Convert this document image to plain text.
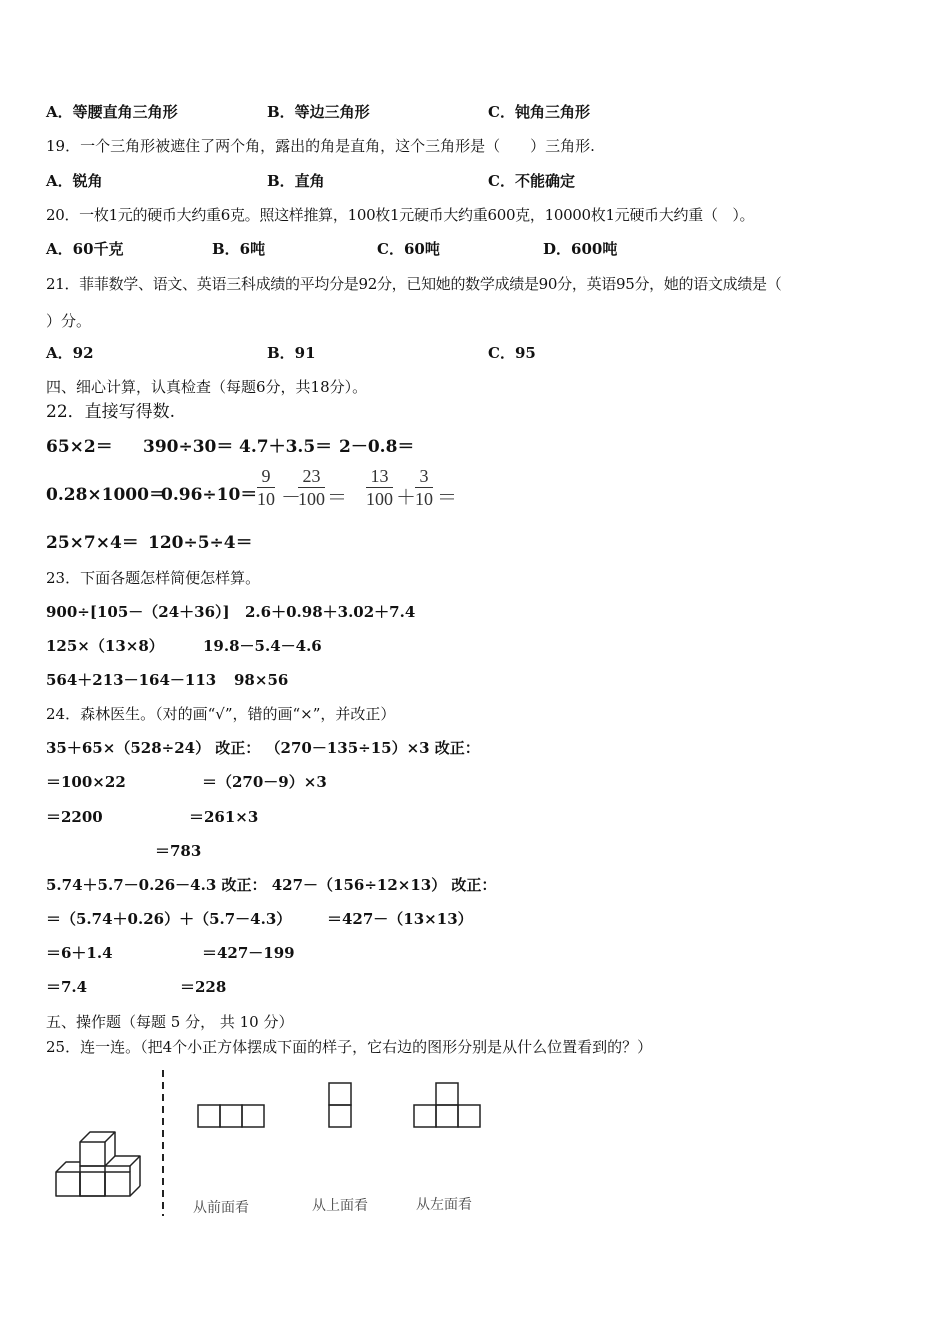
A．等腰直角三角形	B．等边三角形	C．钝角三角形
19．一个三角形被遮住了两个角，露出的角是直角，这个三角形是（　　）三角形.
A．锐角	B．直角	C．不能确定
20．一枚1元的硬币大约重6克。照这样推算，100枚1元硬币大约重600克，10000枚1元硬币大约重（　）。
A．60千克	B．6吨	C．60吨	D．600吨
21．菲菲数学、语文、英语三科成绩的平均分是92分，已知她的数学成绩是90分，英语95分，她的语文成绩是（
）分。
A．92	B．91	C．95
四、细心计算，认真检查（每题6分，共18分）。
22．直接写得数.
65×2＝ 390÷30＝ 4.7＋3.5＝ 2－0.8＝
0.28×1000＝
0.96÷10＝
9
10 －
23
100 ＝
13
100 ＋
3
10 ＝
25×7×4＝ 120÷5÷4＝
23．下面各题怎样简便怎样算。
900÷[105－（24＋36）] 2.6＋0.98＋3.02＋7.4
125×（13×8）	19.8－5.4－4.6
564＋213－164－113 98×56
24．森林医生。（对的画“√”，错的画“×”，并改正）
35＋65×（528÷24） 改正： （270－135÷15）×3 改正：
＝100×22	＝（270－9）×3
＝2200	＝261×3
＝783
5.74＋5.7－0.26－4.3 改正： 427－（156÷12×13） 改正：
＝（5.74＋0.26）＋（5.7－4.3） ＝427－（13×13）
＝6＋1.4	＝427－199
＝7.4	＝228
五、操作题（每题 5 分， 共 10 分）
25．连一连。（把4个小正方体摆成下面的样子，它右边的图形分别是从什么位置看到的？）
从前面看	从上面看	从左面看
